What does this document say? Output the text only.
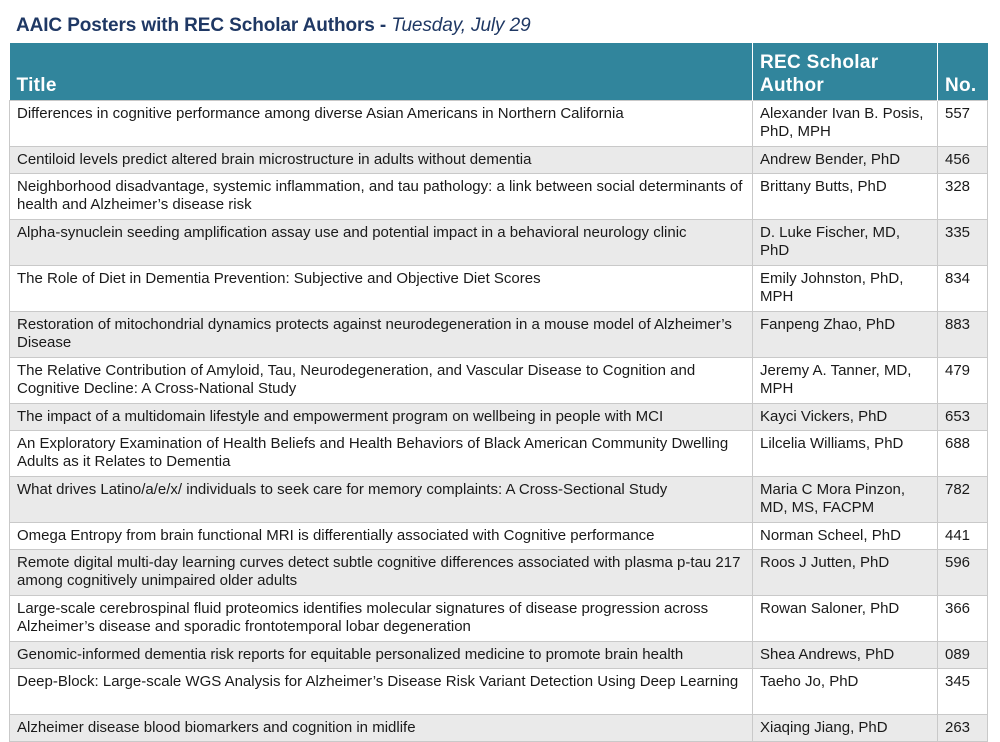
AAIC Posters with REC Scholar Authors - Tuesday, July 29
Title	REC Scholar Author	No.
Differences in cognitive performance among diverse Asian Americans in Northern California	Alexander Ivan B. Posis, PhD, MPH	557
Centiloid levels predict altered brain microstructure in adults without dementia	Andrew Bender, PhD	456
Neighborhood disadvantage, systemic inflammation, and tau pathology: a link between social determinants of health and Alzheimer’s disease risk	Brittany Butts, PhD	328
Alpha-synuclein seeding amplification assay use and potential impact in a behavioral neurology clinic	D. Luke Fischer, MD, PhD	335
The Role of Diet in Dementia Prevention: Subjective and Objective Diet Scores	Emily Johnston, PhD, MPH	834
Restoration of mitochondrial dynamics protects against neurodegeneration in a mouse model of Alzheimer’s Disease	Fanpeng Zhao, PhD	883
The Relative Contribution of Amyloid, Tau, Neurodegeneration, and Vascular Disease to Cognition and Cognitive Decline: A Cross-National Study	Jeremy A. Tanner, MD, MPH	479
The impact of a multidomain lifestyle and empowerment program on wellbeing in people with MCI	Kayci Vickers, PhD	653
An Exploratory Examination of Health Beliefs and Health Behaviors of Black American Community Dwelling Adults as it Relates to Dementia	Lilcelia Williams, PhD	688
What drives Latino/a/e/x/ individuals to seek care for memory complaints: A Cross-Sectional Study	Maria C Mora Pinzon, MD, MS, FACPM	782
Omega Entropy from brain functional MRI is differentially associated with Cognitive performance	Norman Scheel, PhD	441
Remote digital multi-day learning curves detect subtle cognitive differences associated with plasma p-tau 217 among cognitively unimpaired older adults	Roos J Jutten, PhD	596
Large-scale cerebrospinal fluid proteomics identifies molecular signatures of disease progression across Alzheimer’s disease and sporadic frontotemporal lobar degeneration	Rowan Saloner, PhD	366
Genomic-informed dementia risk reports for equitable personalized medicine to promote brain health	Shea Andrews, PhD	089
Deep-Block: Large-scale WGS Analysis for Alzheimer’s Disease Risk Variant Detection Using Deep Learning	Taeho Jo, PhD	345
Alzheimer disease blood biomarkers and cognition in midlife	Xiaqing Jiang, PhD	263
